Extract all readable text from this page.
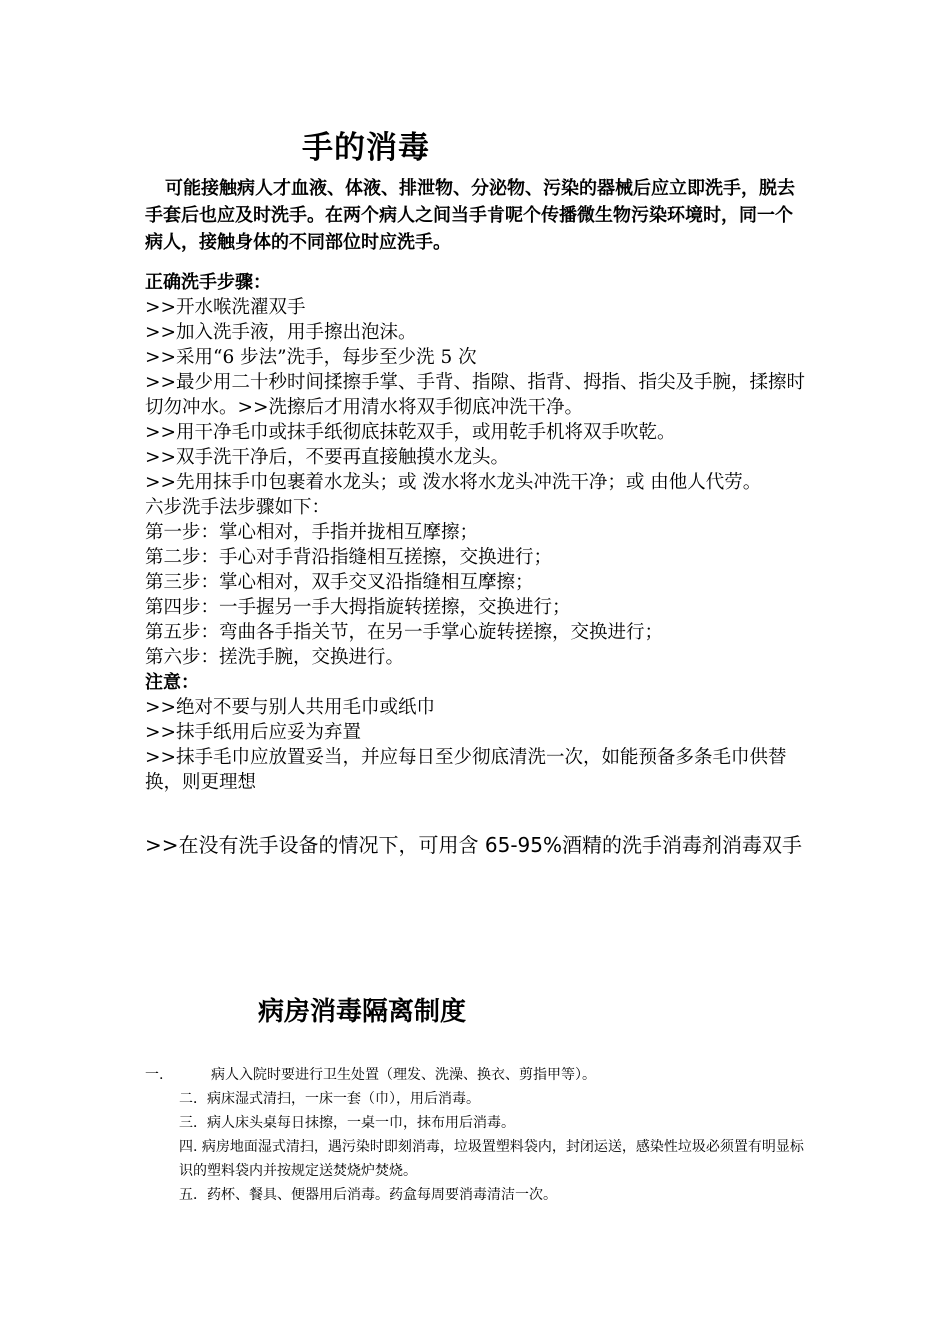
手的消毒
可能接触病人才血液、体液、排泄物、分泌物、污染的器械后应立即洗手，脱去手套后也应及时洗手。在两个病人之间当手肯呢个传播微生物污染环境时，同一个病人，接触身体的不同部位时应洗手。
正确洗手步骤：
>>开水喉洗濯双手
>>加入洗手液，用手擦出泡沫。
>>采用“6 步法”洗手，每步至少洗 5 次
>>最少用二十秒时间揉擦手掌、手背、指隙、指背、拇指、指尖及手腕，揉擦时切勿冲水。>>洗擦后才用清水将双手彻底冲洗干净。
>>用干净毛巾或抹手纸彻底抹乾双手，或用乾手机将双手吹乾。
>>双手洗干净后，不要再直接触摸水龙头。
>>先用抹手巾包裹着水龙头；或 泼水将水龙头冲洗干净；或 由他人代劳。
六步洗手法步骤如下：
第一步：掌心相对，手指并拢相互摩擦；
第二步：手心对手背沿指缝相互搓擦，交换进行；
第三步：掌心相对，双手交叉沿指缝相互摩擦；
第四步：一手握另一手大拇指旋转搓擦，交换进行；
第五步：弯曲各手指关节，在另一手掌心旋转搓擦，交换进行；
第六步：搓洗手腕，交换进行。
注意：
>>绝对不要与别人共用毛巾或纸巾
>>抹手纸用后应妥为弃置
>>抹手毛巾应放置妥当，并应每日至少彻底清洗一次，如能预备多条毛巾供替换，则更理想
>>在没有洗手设备的情况下，可用含 65-95%酒精的洗手消毒剂消毒双手
病房消毒隔离制度
一.	病人入院时要进行卫生处置（理发、洗澡、换衣、剪指甲等）。
二．病床湿式清扫，一床一套（巾），用后消毒。
三．病人床头桌每日抹擦，一桌一巾，抹布用后消毒。
四. 病房地面湿式清扫，遇污染时即刻消毒，垃圾置塑料袋内，封闭运送，感染性垃圾必须置有明显标识的塑料袋内并按规定送焚烧炉焚烧。
五．药杯、餐具、便器用后消毒。药盒每周要消毒清洁一次。
